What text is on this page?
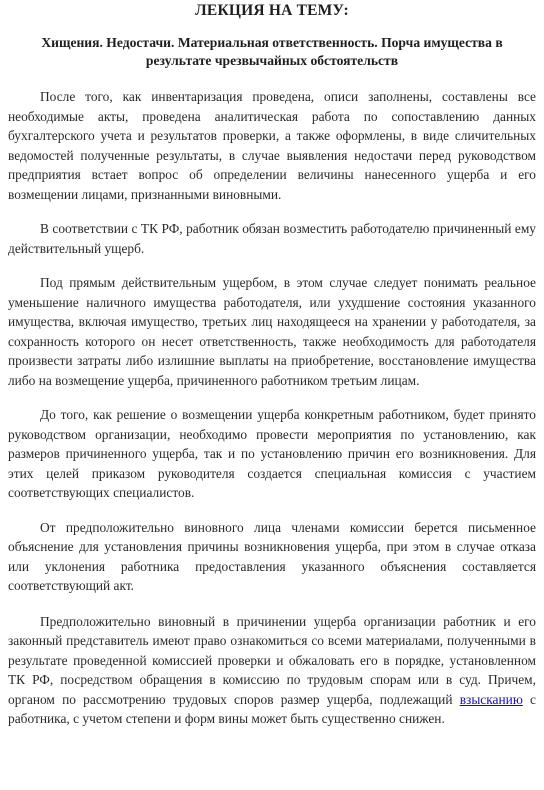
ЛЕКЦИЯ НА ТЕМУ:
Хищения. Недостачи. Материальная ответственность. Порча имущества в результате чрезвычайных обстоятельств

После того, как инвентаризация проведена, описи заполнены, составлены все необходимые акты, проведена аналитическая работа по сопоставлению данных бухгалтерского учета и результатов проверки, а также оформлены, в виде сличительных ведомостей полученные результаты, в случае выявления недостачи перед руководством предприятия встает вопрос об определении величины нанесенного ущерба и его возмещении лицами, признанными виновными.

В соответствии с ТК РФ, работник обязан возместить работодателю причиненный ему действительный ущерб.

Под прямым действительным ущербом, в этом случае следует понимать реальное уменьшение наличного имущества работодателя, или ухудшение состояния указанного имущества, включая имущество, третьих лиц находящееся на хранении у работодателя, за сохранность которого он несет ответственность, также необходимость для работодателя произвести затраты либо излишние выплаты на приобретение, восстановление имущества либо на возмещение ущерба, причиненного работником третьим лицам.

До того, как решение о возмещении ущерба конкретным работником, будет принято руководством организации, необходимо провести мероприятия по установлению, как размеров причиненного ущерба, так и по установлению причин его возникновения. Для этих целей приказом руководителя создается специальная комиссия с участием соответствующих специалистов.

От предположительно виновного лица членами комиссии берется письменное объяснение для установления причины возникновения ущерба, при этом в случае отказа или уклонения работника предоставления указанного объяснения составляется соответствующий акт.

Предположительно виновный в причинении ущерба организации работник и его законный представитель имеют право ознакомиться со всеми материалами, полученными в результате проведенной комиссией проверки и обжаловать его в порядке, установленном ТК РФ, посредством обращения в комиссию по трудовым спорам или в суд. Причем, органом по рассмотрению трудовых споров размер ущерба, подлежащий взысканию с работника, с учетом степени и форм вины может быть существенно снижен.
